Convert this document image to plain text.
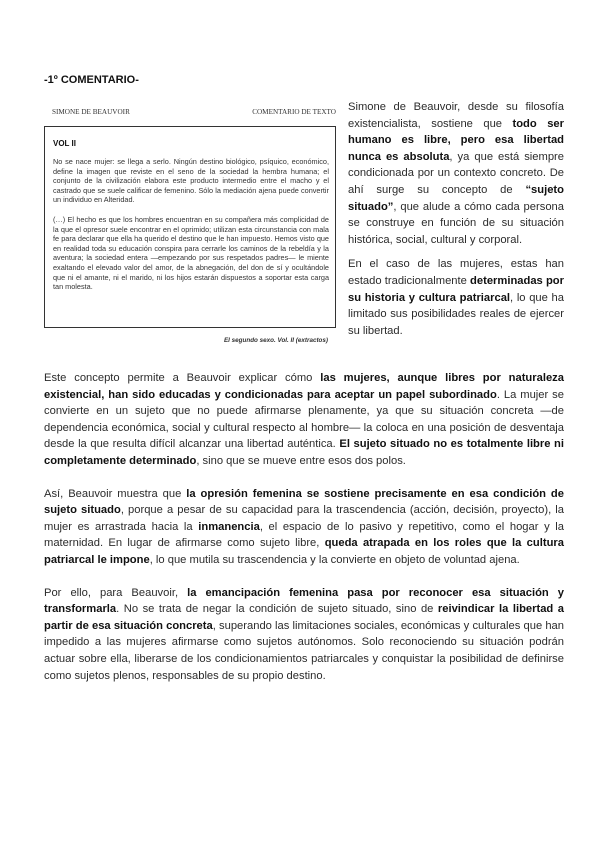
-1º COMENTARIO-
SIMONE DE BEAUVOIR	COMENTARIO DE TEXTO
VOL II

No se nace mujer: se llega a serlo. Ningún destino biológico, psíquico, económico, define la imagen que reviste en el seno de la sociedad la hembra humana; el conjunto de la civilización elabora este producto intermedio entre el macho y el castrado que se suele calificar de femenino. Sólo la mediación ajena puede convertir un individuo en Alteridad.

(…) El hecho es que los hombres encuentran en su compañera más complicidad de la que el opresor suele encontrar en el oprimido; utilizan esta circunstancia con mala fe para declarar que ella ha querido el destino que le han impuesto. Hemos visto que en realidad toda su educación conspira para cerrarle los caminos de la rebeldía y la aventura; la sociedad entera —empezando por sus respetados padres— le miente exaltando el elevado valor del amor, de la abnegación, del don de sí y ocultándole que ni el amante, ni el marido, ni los hijos estarán dispuestos a soportar esta carga tan molesta.

El segundo sexo. Vol. II (extractos)

Simone de Beauvoir, desde su filosofía existencialista, sostiene que todo ser humano es libre, pero esa libertad nunca es absoluta, ya que está siempre condicionada por un contexto concreto. De ahí surge su concepto de “sujeto situado”, que alude a cómo cada persona se construye en función de su situación histórica, social, cultural y corporal.

En el caso de las mujeres, estas han estado tradicionalmente determinadas por su historia y cultura patriarcal, lo que ha limitado sus posibilidades reales de ejercer su libertad.

Este concepto permite a Beauvoir explicar cómo las mujeres, aunque libres por naturaleza existencial, han sido educadas y condicionadas para aceptar un papel subordinado. La mujer se convierte en un sujeto que no puede afirmarse plenamente, ya que su situación concreta —de dependencia económica, social y cultural respecto al hombre— la coloca en una posición de desventaja desde la que resulta difícil alcanzar una libertad auténtica. El sujeto situado no es totalmente libre ni completamente determinado, sino que se mueve entre esos dos polos.

Así, Beauvoir muestra que la opresión femenina se sostiene precisamente en esa condición de sujeto situado, porque a pesar de su capacidad para la trascendencia (acción, decisión, proyecto), la mujer es arrastrada hacia la inmanencia, el espacio de lo pasivo y repetitivo, como el hogar y la maternidad. En lugar de afirmarse como sujeto libre, queda atrapada en los roles que la cultura patriarcal le impone, lo que mutila su trascendencia y la convierte en objeto de voluntad ajena.

Por ello, para Beauvoir, la emancipación femenina pasa por reconocer esa situación y transformarla. No se trata de negar la condición de sujeto situado, sino de reivindicar la libertad a partir de esa situación concreta, superando las limitaciones sociales, económicas y culturales que han impedido a las mujeres afirmarse como sujetos autónomos. Solo reconociendo su situación podrán actuar sobre ella, liberarse de los condicionamientos patriarcales y conquistar la posibilidad de definirse como sujetos plenos, responsables de su propio destino.
